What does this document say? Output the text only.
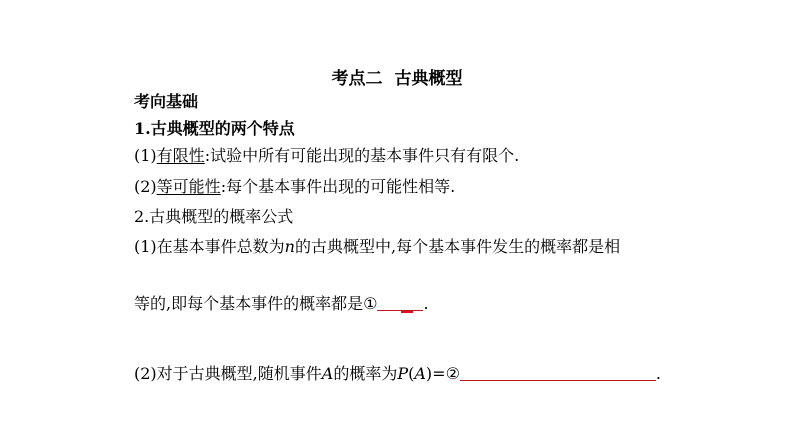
考点二 古典概型
考向基础
1.古典概型的两个特点
(1)有限性:试验中所有可能出现的基本事件只有有限个.
(2)等可能性:每个基本事件出现的可能性相等.
2.古典概型的概率公式
(1)在基本事件总数为n的古典概型中,每个基本事件发生的概率都是相
等的,即每个基本事件的概率都是①	.
(2)对于古典概型,随机事件A的概率为P(A)=②	.
